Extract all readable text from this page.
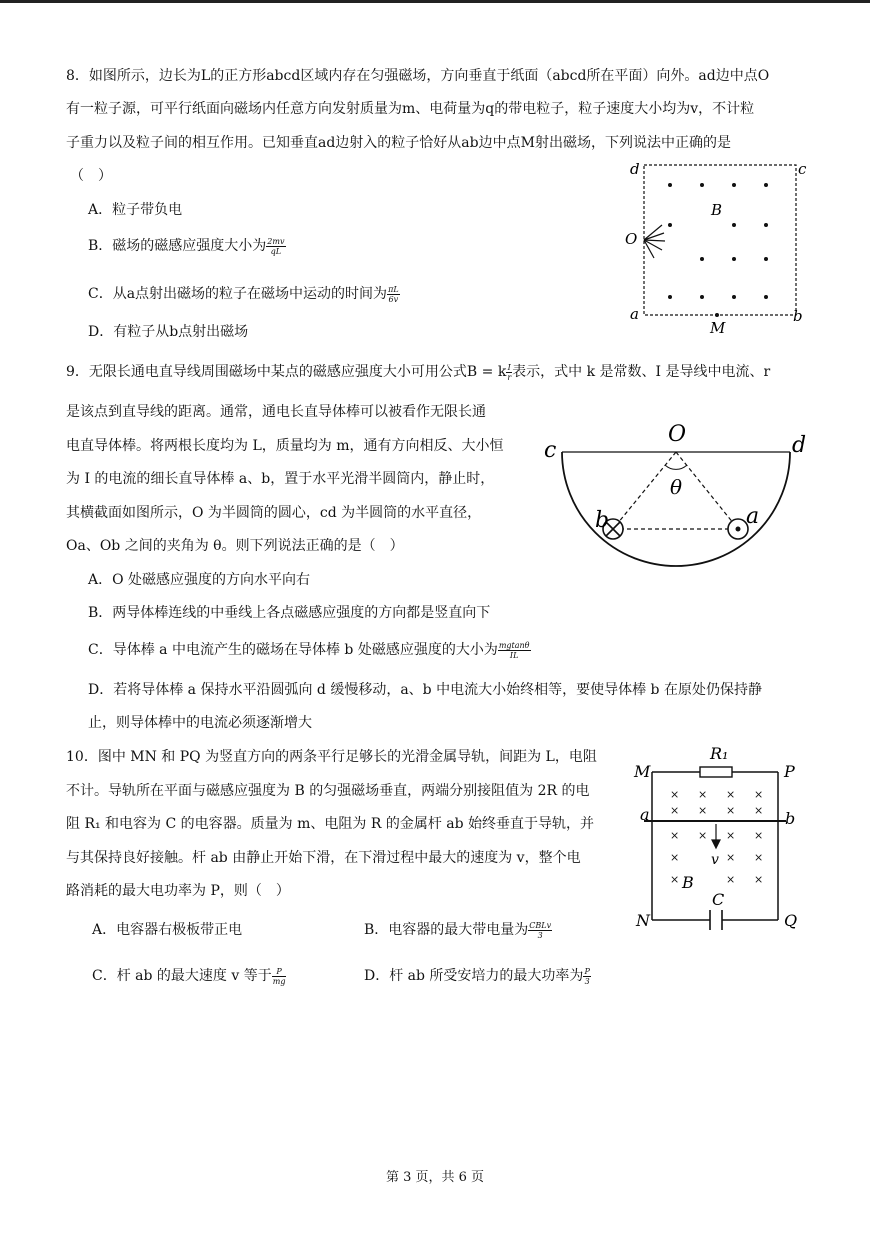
8．如图所示，边长为L的正方形abcd区域内存在匀强磁场，方向垂直于纸面（abcd所在平面）向外。ad边中点O
有一粒子源，可平行纸面向磁场内任意方向发射质量为m、电荷量为q的带电粒子，粒子速度大小均为v，不计粒
子重力以及粒子间的相互作用。已知垂直ad边射入的粒子恰好从ab边中点M射出磁场，下列说法中正确的是
（　）
A．粒子带负电
B．磁场的磁感应强度大小为 $\frac{2mv}{qL}$
C．从a点射出磁场的粒子在磁场中运动的时间为 $\frac{\pi L}{6v}$
D．有粒子从b点射出磁场
d	c
a	b
B
O
M
9．无限长通电直导线周围磁场中某点的磁感应强度大小可用公式B = k $\frac{I}{r}$ 表示，式中 k 是常数、I 是导线中电流、r
是该点到直导线的距离。通常，通电长直导体棒可以被看作无限长通
电直导体棒。将两根长度均为 L，质量均为 m，通有方向相反、大小恒
为 I 的电流的细长直导体棒 a、b，置于水平光滑半圆筒内，静止时，
其横截面如图所示，O 为半圆筒的圆心，cd 为半圆筒的水平直径，
Oa、Ob 之间的夹角为 θ。则下列说法正确的是（　）
A．O 处磁感应强度的方向水平向右
B．两导体棒连线的中垂线上各点磁感应强度的方向都是竖直向下
C．导体棒 a 中电流产生的磁场在导体棒 b 处磁感应强度的大小为 $\frac{mgtan\theta}{IL}$
D．若将导体棒 a 保持水平沿圆弧向 d 缓慢移动，a、b 中电流大小始终相等，要使导体棒 b 在原处仍保持静
止，则导体棒中的电流必须逐渐增大
O
c	d
θ
b	a
10．图中 MN 和 PQ 为竖直方向的两条平行足够长的光滑金属导轨，间距为 L，电阻
不计。导轨所在平面与磁感应强度为 B 的匀强磁场垂直，两端分别接阻值为 2R 的电
阻 R₁ 和电容为 C 的电容器。质量为 m、电阻为 R 的金属杆 ab 始终垂直于导轨，并
与其保持良好接触。杆 ab 由静止开始下滑，在下滑过程中最大的速度为 v，整个电
路消耗的最大电功率为 P，则（　）
A．电容器右极板带正电	B．电容器的最大带电量为 $\frac{\text{CBLv}}{3}$
C．杆 ab 的最大速度 v 等于 $\frac{P}{mg}$	D．杆 ab 所受安培力的最大功率为 $\frac{P}{3}$
× × × ×
× × × ×
× × × ×
×	× ×
×	× ×
R₁
M	P
a	b
v
B
C
N	Q
第 3 页，共 6 页
